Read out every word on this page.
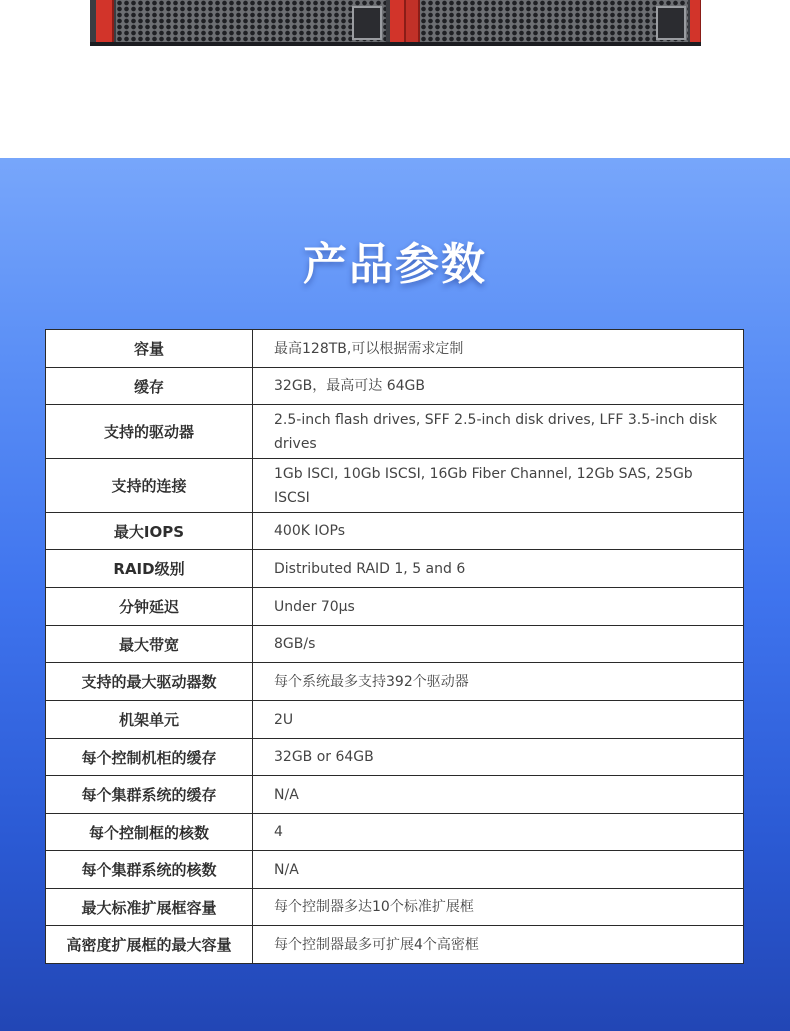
产品参数
容量	最高128TB,可以根据需求定制
缓存	32GB，最高可达 64GB
支持的驱动器	2.5-inch flash drives, SFF 2.5-inch disk drives, LFF 3.5-inch disk drives
支持的连接	1Gb ISCI, 10Gb ISCSI, 16Gb Fiber Channel, 12Gb SAS, 25Gb ISCSI
最大IOPS	400K IOPs
RAID级别	Distributed RAID 1, 5 and 6
分钟延迟	Under 70μs
最大带宽	8GB/s
支持的最大驱动器数	每个系统最多支持392个驱动器
机架单元	2U
每个控制机柜的缓存	32GB or 64GB
每个集群系统的缓存	N/A
每个控制框的核数	4
每个集群系统的核数	N/A
最大标准扩展框容量	每个控制器多达10个标准扩展框
高密度扩展框的最大容量	每个控制器最多可扩展4个高密框
